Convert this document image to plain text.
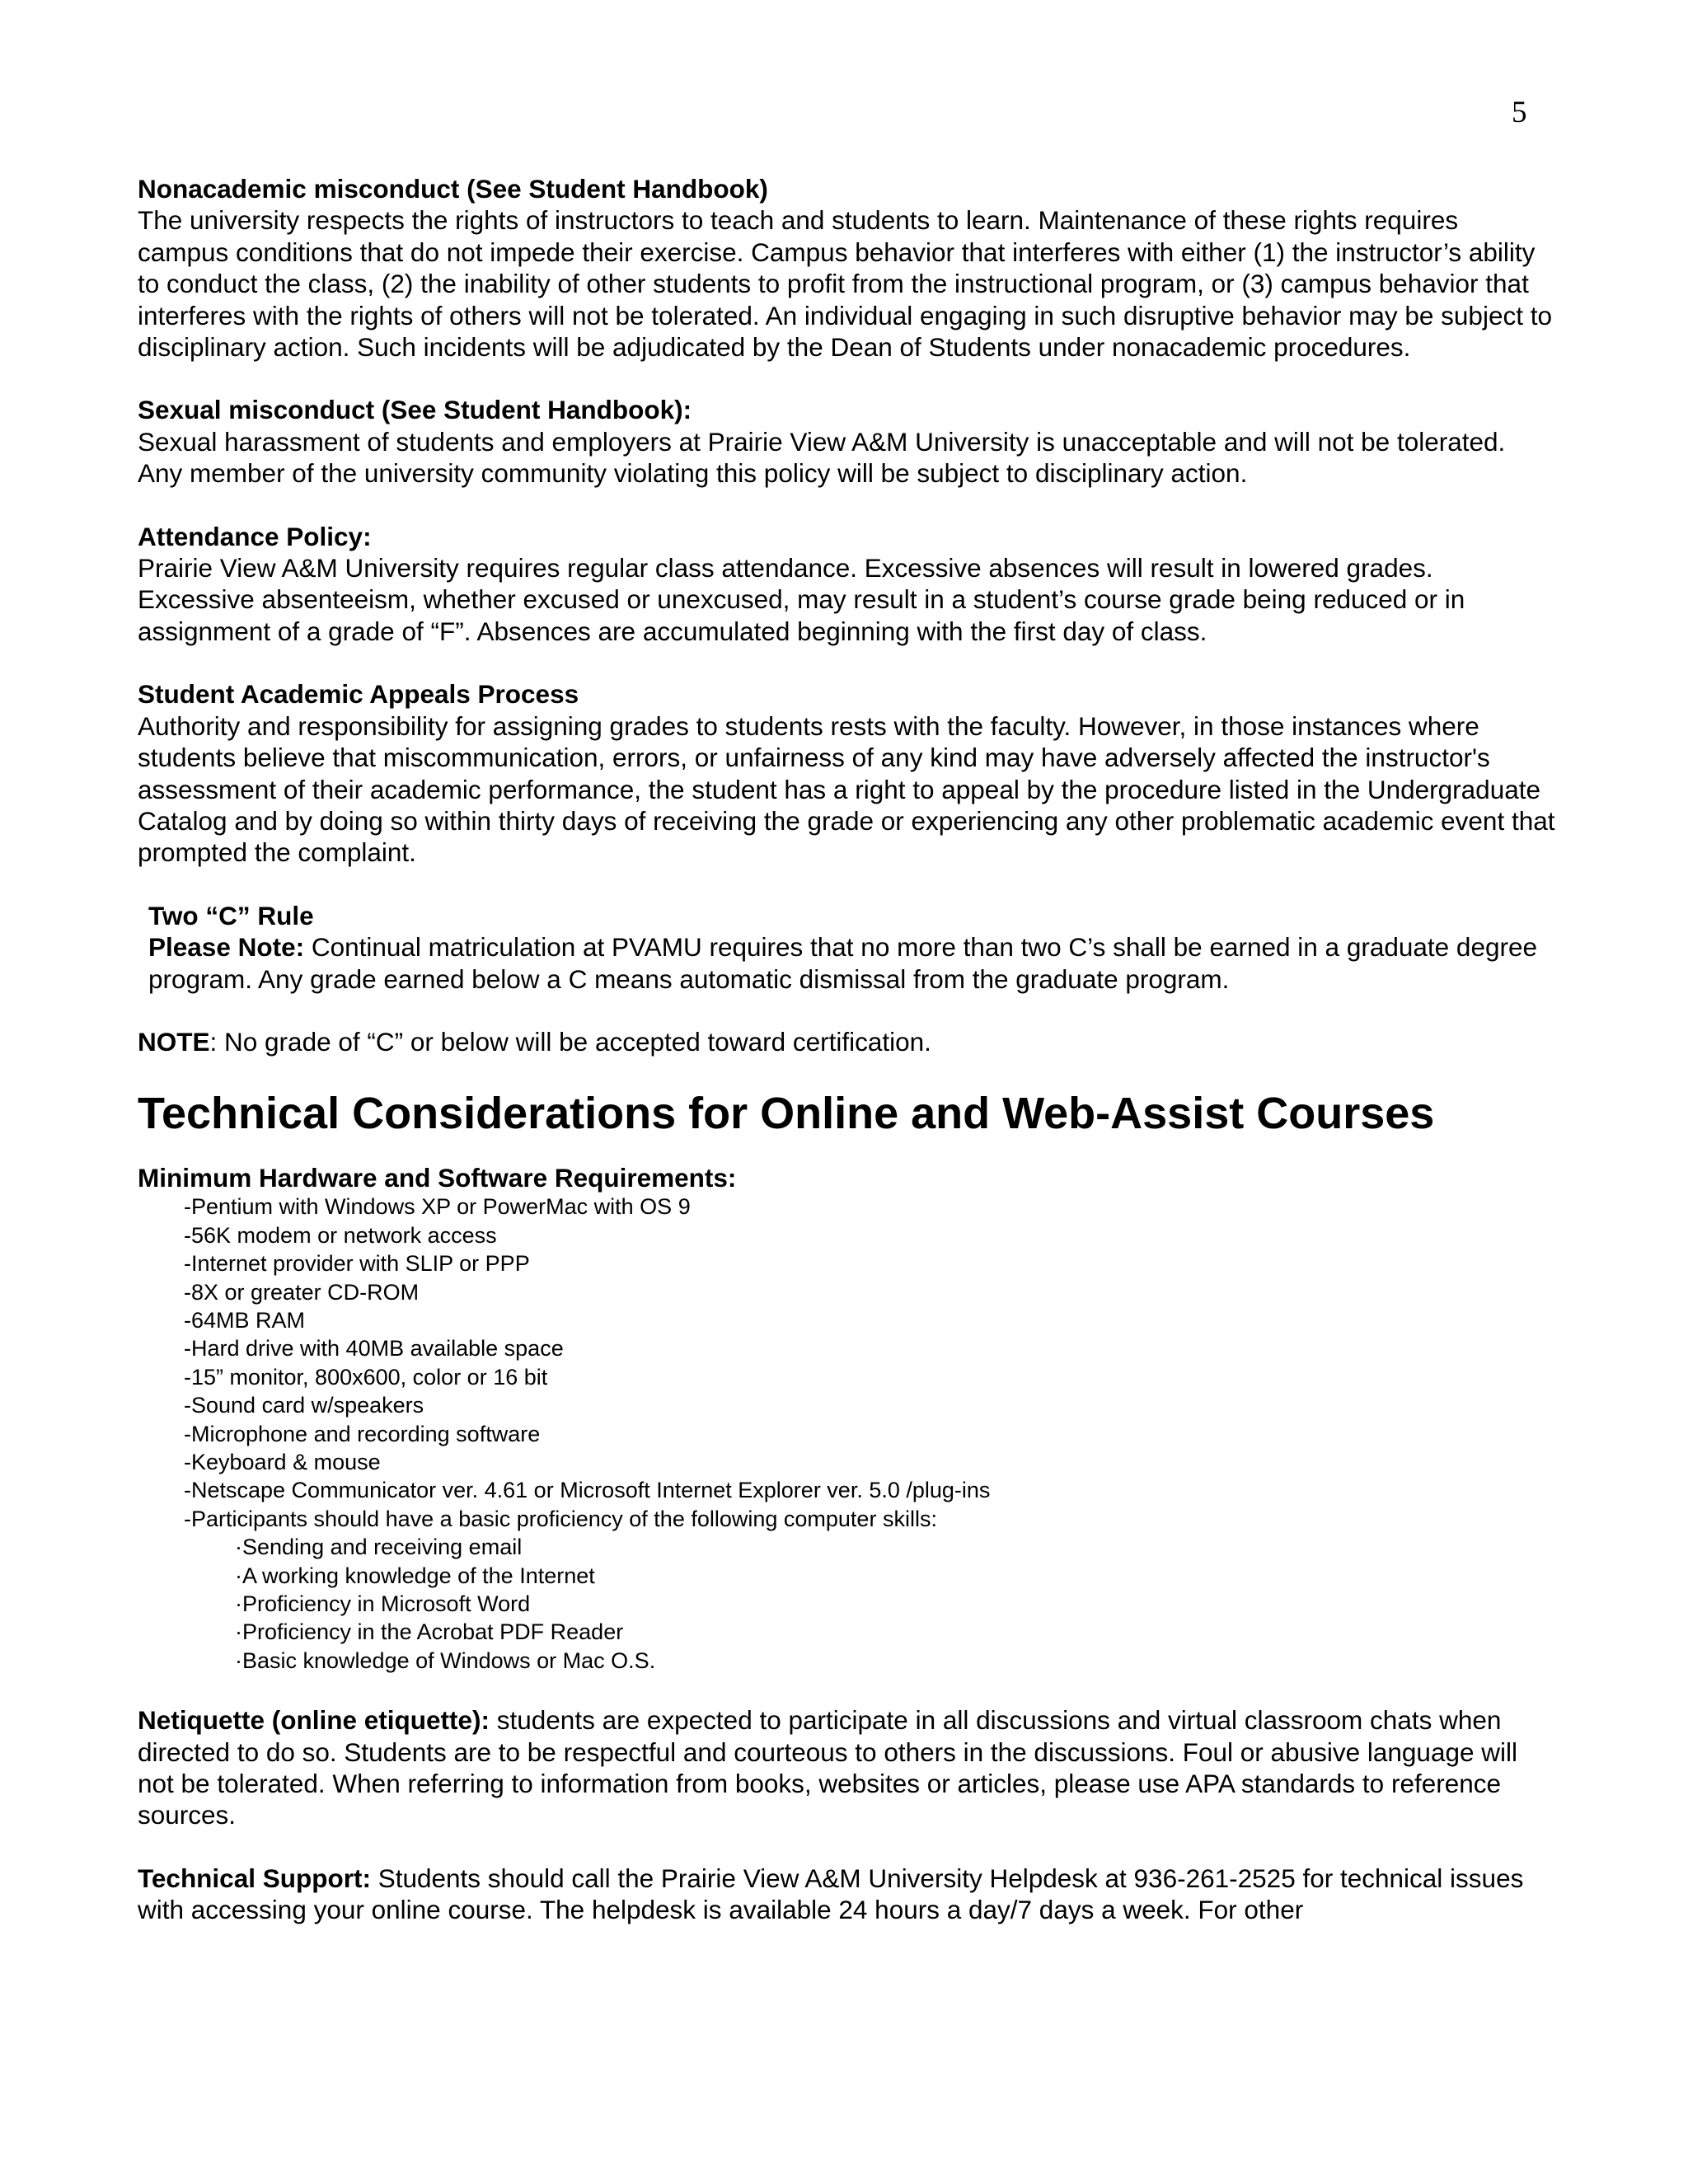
5
Nonacademic misconduct (See Student Handbook)

The university respects the rights of instructors to teach and students to learn. Maintenance of these rights requires campus conditions that do not impede their exercise. Campus behavior that interferes with either (1) the instructor’s ability to conduct the class, (2) the inability of other students to profit from the instructional program, or (3) campus behavior that interferes with the rights of others will not be tolerated. An individual engaging in such disruptive behavior may be subject to disciplinary action. Such incidents will be adjudicated by the Dean of Students under nonacademic procedures.

Sexual misconduct (See Student Handbook):

Sexual harassment of students and employers at Prairie View A&M University is unacceptable and will not be tolerated. Any member of the university community violating this policy will be subject to disciplinary action.

Attendance Policy:

Prairie View A&M University requires regular class attendance. Excessive absences will result in lowered grades. Excessive absenteeism, whether excused or unexcused, may result in a student’s course grade being reduced or in assignment of a grade of “F”. Absences are accumulated beginning with the first day of class.

Student Academic Appeals Process

Authority and responsibility for assigning grades to students rests with the faculty. However, in those instances where students believe that miscommunication, errors, or unfairness of any kind may have adversely affected the instructor's assessment of their academic performance, the student has a right to appeal by the procedure listed in the Undergraduate Catalog and by doing so within thirty days of receiving the grade or experiencing any other problematic academic event that prompted the complaint.

Two “C” Rule

Please Note: Continual matriculation at PVAMU requires that no more than two C’s shall be earned in a graduate degree program. Any grade earned below a C means automatic dismissal from the graduate program.

NOTE: No grade of “C” or below will be accepted toward certification.

Technical Considerations for Online and Web-Assist Courses
Minimum Hardware and Software Requirements:
-Pentium with Windows XP or PowerMac with OS 9
-56K modem or network access
-Internet provider with SLIP or PPP
-8X or greater CD-ROM
-64MB RAM
-Hard drive with 40MB available space
-15” monitor, 800x600, color or 16 bit
-Sound card w/speakers
-Microphone and recording software
-Keyboard & mouse
-Netscape Communicator ver. 4.61 or Microsoft Internet Explorer ver. 5.0 /plug-ins
-Participants should have a basic proficiency of the following computer skills:
·Sending and receiving email
·A working knowledge of the Internet
·Proficiency in Microsoft Word
·Proficiency in the Acrobat PDF Reader
·Basic knowledge of Windows or Mac O.S.

Netiquette (online etiquette): students are expected to participate in all discussions and virtual classroom chats when directed to do so. Students are to be respectful and courteous to others in the discussions. Foul or abusive language will not be tolerated. When referring to information from books, websites or articles, please use APA standards to reference sources.

Technical Support: Students should call the Prairie View A&M University Helpdesk at 936-261-2525 for technical issues with accessing your online course. The helpdesk is available 24 hours a day/7 days a week. For other
